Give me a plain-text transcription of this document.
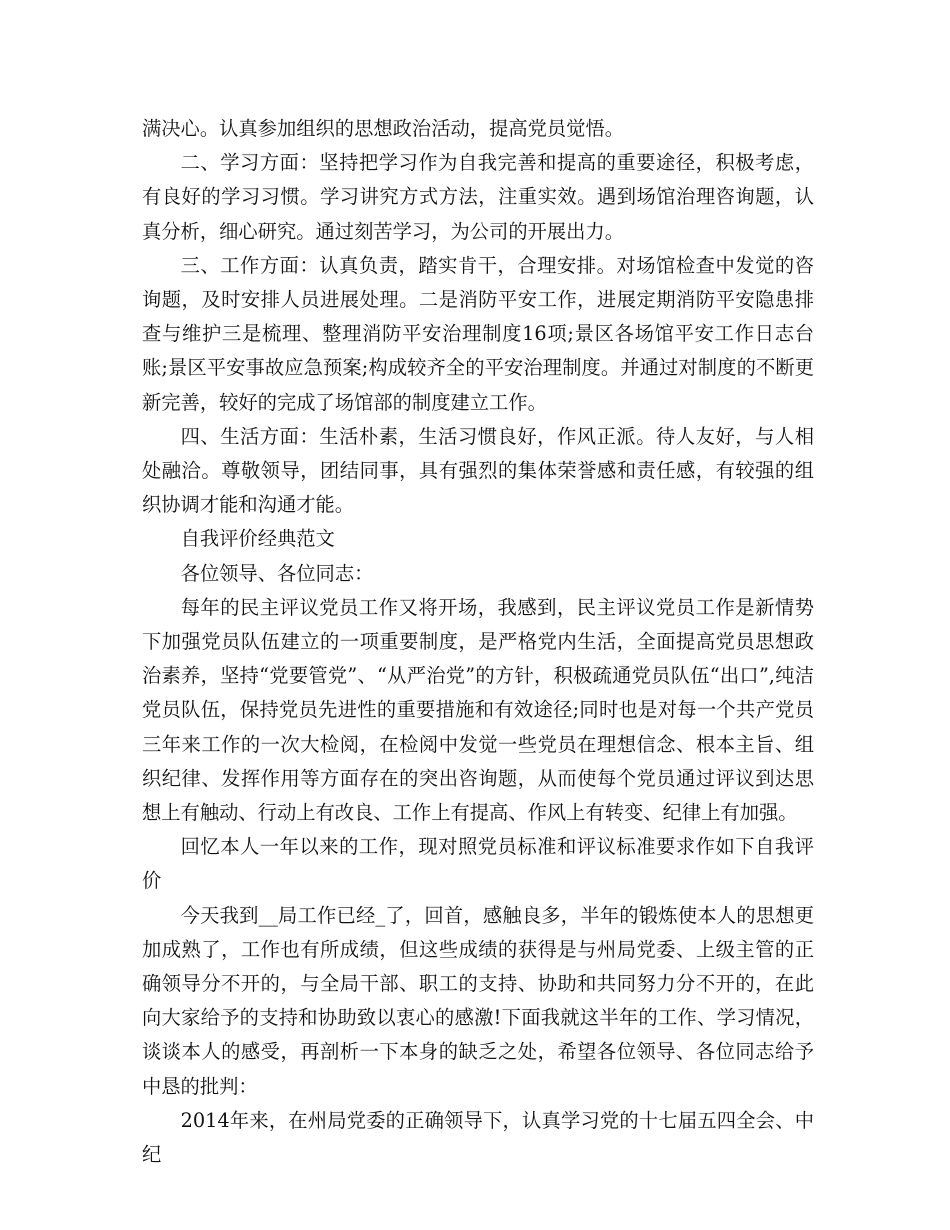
满决心。认真参加组织的思想政治活动，提高党员觉悟。

二、学习方面：坚持把学习作为自我完善和提高的重要途径，积极考虑，有良好的学习习惯。学习讲究方式方法，注重实效。遇到场馆治理咨询题，认真分析，细心研究。通过刻苦学习，为公司的开展出力。

三、工作方面：认真负责，踏实肯干，合理安排。对场馆检查中发觉的咨询题，及时安排人员进展处理。二是消防平安工作，进展定期消防平安隐患排查与维护三是梳理、整理消防平安治理制度16项;景区各场馆平安工作日志台账;景区平安事故应急预案;构成较齐全的平安治理制度。并通过对制度的不断更新完善，较好的完成了场馆部的制度建立工作。

四、生活方面：生活朴素，生活习惯良好，作风正派。待人友好，与人相处融洽。尊敬领导，团结同事，具有强烈的集体荣誉感和责任感，有较强的组织协调才能和沟通才能。

自我评价经典范文

各位领导、各位同志：

每年的民主评议党员工作又将开场，我感到，民主评议党员工作是新情势下加强党员队伍建立的一项重要制度，是严格党内生活，全面提高党员思想政治素养，坚持“党要管党”、“从严治党”的方针，积极疏通党员队伍“出口”,纯洁党员队伍，保持党员先进性的重要措施和有效途径;同时也是对每一个共产党员三年来工作的一次大检阅，在检阅中发觉一些党员在理想信念、根本主旨、组织纪律、发挥作用等方面存在的突出咨询题，从而使每个党员通过评议到达思想上有触动、行动上有改良、工作上有提高、作风上有转变、纪律上有加强。

回忆本人一年以来的工作，现对照党员标准和评议标准要求作如下自我评价

今天我到__局工作已经_了，回首，感触良多，半年的锻炼使本人的思想更加成熟了，工作也有所成绩，但这些成绩的获得是与州局党委、上级主管的正确领导分不开的，与全局干部、职工的支持、协助和共同努力分不开的，在此向大家给予的支持和协助致以衷心的感激!下面我就这半年的工作、学习情况，谈谈本人的感受，再剖析一下本身的缺乏之处，希望各位领导、各位同志给予中恳的批判：

2014年来，在州局党委的正确领导下，认真学习党的十七届五四全会、中纪
